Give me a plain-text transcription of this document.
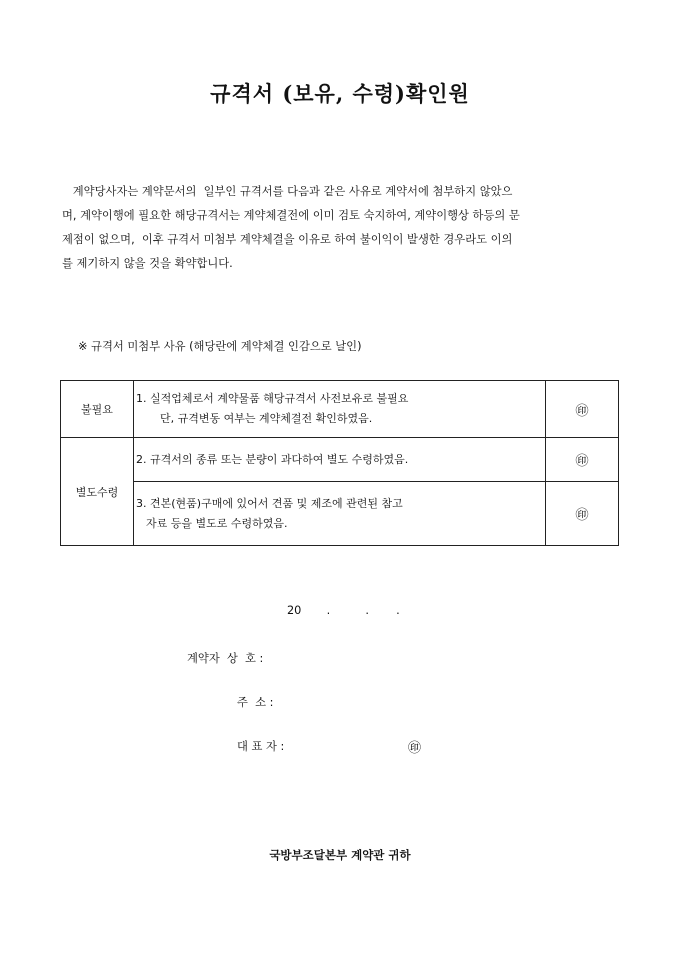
규격서 (보유, 수령)확인원
계약당사자는 계약문서의  일부인 규격서를 다음과 같은 사유로 계약서에 첨부하지 않았으
며, 계약이행에 필요한 해당규격서는 계약체결전에 이미 검토 숙지하여, 계약이행상 하등의 문
제점이 없으며,  이후 규격서 미첨부 계약체결을 이유로 하여 불이익이 발생한 경우라도 이의
를 제기하지 않을 것을 확약합니다.
※ 규격서 미첨부 사유 (해당란에 계약체결 인감으로 날인)
불필요	1. 실적업체로서 계약물품 해당규격서 사전보유로 불필요
단, 규격변동 여부는 계약체결전 확인하였음.	㊞
별도수령	2. 규격서의 종류 또는 분량이 과다하여 별도 수령하였음.	㊞

	3. 견본(현품)구매에 있어서 견품 및 제조에 관련된 참고
자료 등을 별도로 수령하였음.	㊞
20 .	. .
계약자  상  호 :
주  소 :
대 표 자 :	㊞
국방부조달본부 계약관 귀하
